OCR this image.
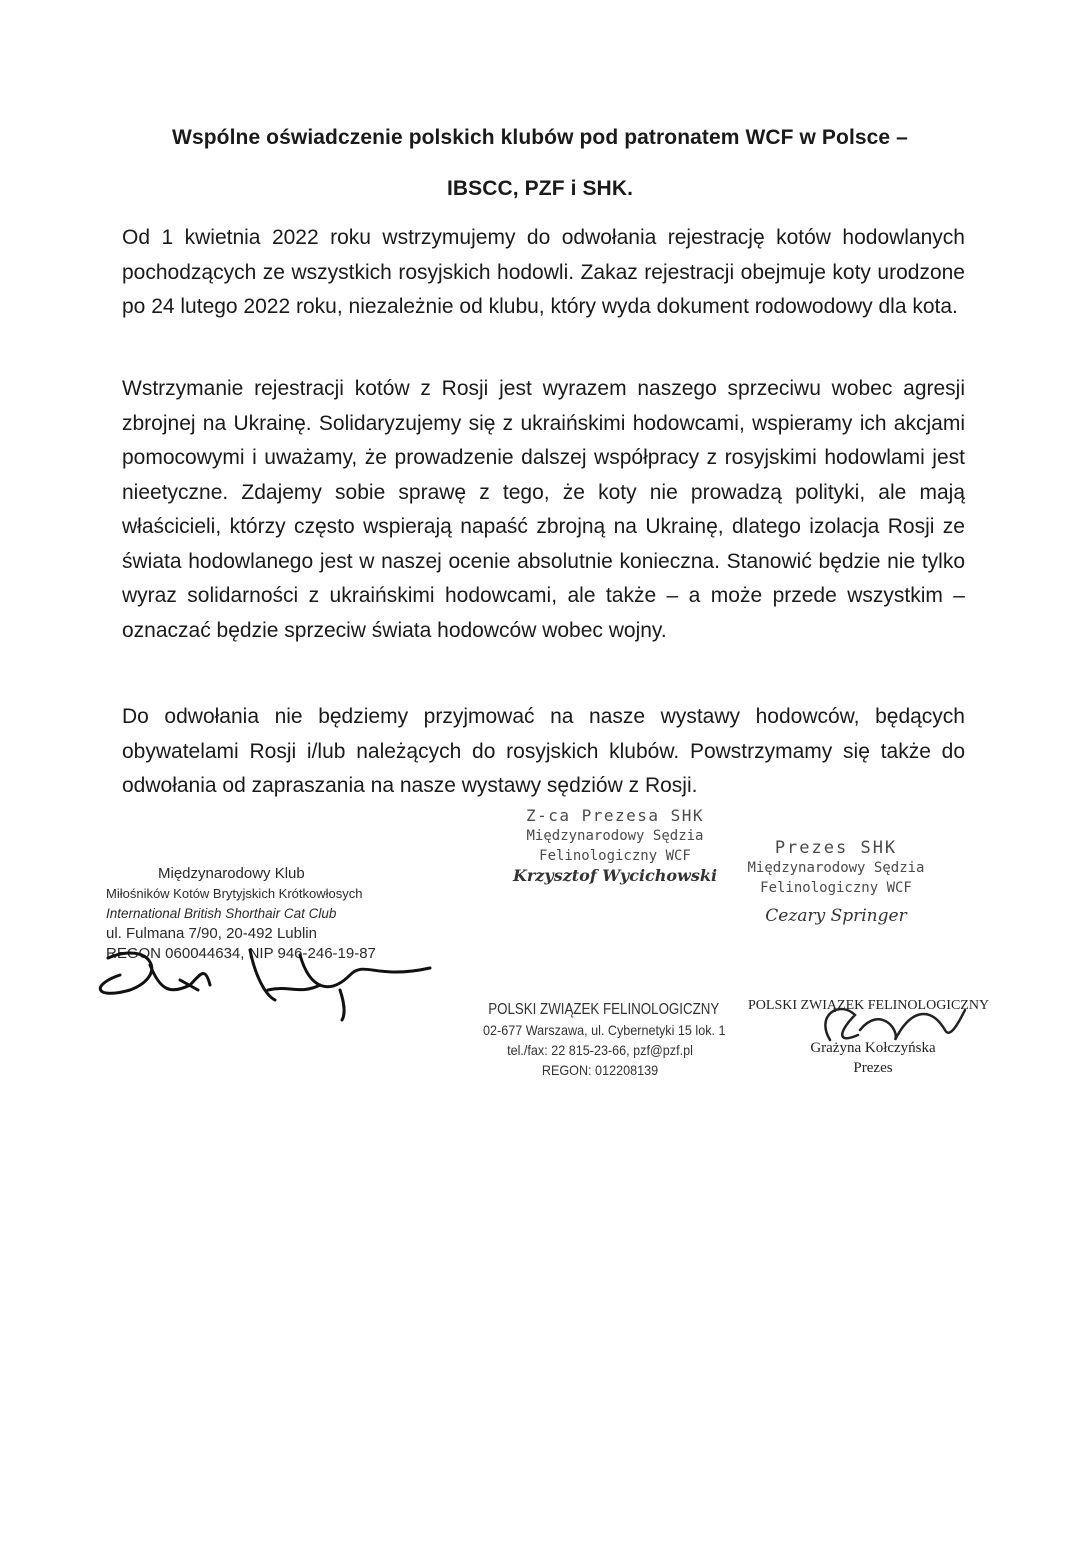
Wspólne oświadczenie polskich klubów pod patronatem WCF w Polsce –
IBSCC, PZF i SHK.

Od 1 kwietnia 2022 roku wstrzymujemy do odwołania rejestrację kotów hodowlanych pochodzących ze wszystkich rosyjskich hodowli. Zakaz rejestracji obejmuje koty urodzone po 24 lutego 2022 roku, niezależnie od klubu, który wyda dokument rodowodowy dla kota.

Wstrzymanie rejestracji kotów z Rosji jest wyrazem naszego sprzeciwu wobec agresji zbrojnej na Ukrainę. Solidaryzujemy się z ukraińskimi hodowcami, wspieramy ich akcjami pomocowymi i uważamy, że prowadzenie dalszej współpracy z rosyjskimi hodowlami jest nieetyczne. Zdajemy sobie sprawę z tego, że koty nie prowadzą polityki, ale mają właścicieli, którzy często wspierają napaść zbrojną na Ukrainę, dlatego izolacja Rosji ze świata hodowlanego jest w naszej ocenie absolutnie konieczna. Stanowić będzie nie tylko wyraz solidarności z ukraińskimi hodowcami, ale także – a może przede wszystkim – oznaczać będzie sprzeciw świata hodowców wobec wojny.

Do odwołania nie będziemy przyjmować na nasze wystawy hodowców, będących obywatelami Rosji i/lub należących do rosyjskich klubów. Powstrzymamy się także do odwołania od zapraszania na nasze wystawy sędziów z Rosji.

Międzynarodowy Klub
Miłośników Kotów Brytyjskich Krótkowłosych
International British Shorthair Cat Club
ul. Fulmana 7/90, 20-492 Lublin
REGON 060044634, NIP 946-246-19-87
Z-ca Prezesa SHK
Międzynarodowy Sędzia
Felinologiczny WCF
Krzysztof Wycichowski
Prezes SHK
Międzynarodowy Sędzia
Felinologiczny WCF
Cezary Springer
POLSKI ZWIĄZEK FELINOLOGICZNY
02-677 Warszawa, ul. Cybernetyki 15 lok. 1
tel./fax: 22 815-23-66, pzf@pzf.pl
REGON: 012208139
POLSKI ZWIĄZEK FELINOLOGICZNY
Grażyna Kołczyńska
Prezes
